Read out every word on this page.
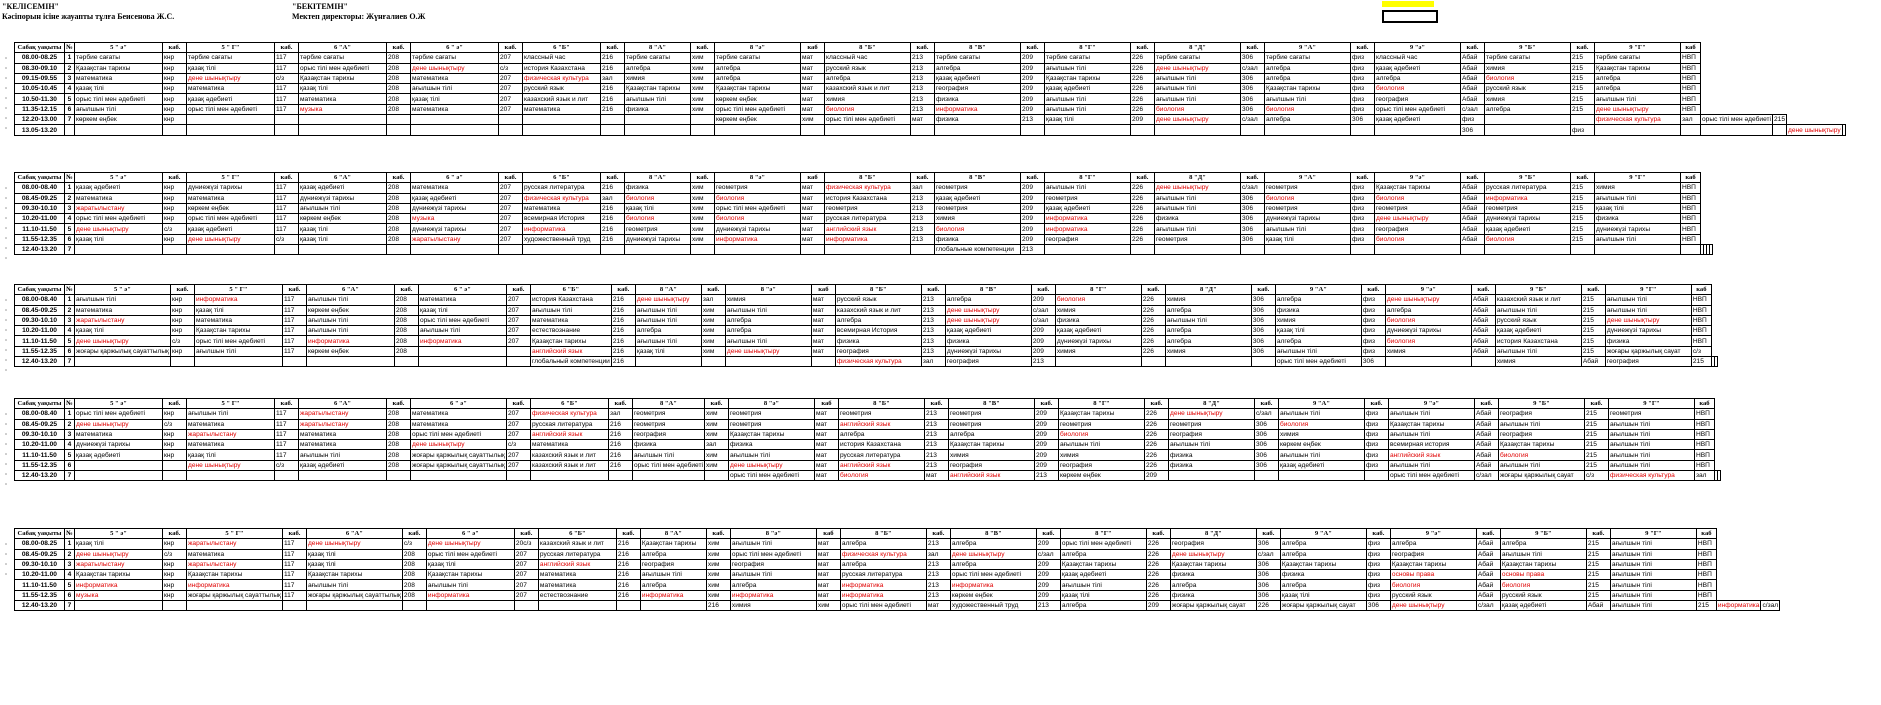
"КЕЛІСЕМІН"
Кәсіпорын ісіне жауапты тұлға Беисенова Ж.С.
"БЕКІТЕМІН"
Мектеп директоры: Жүнғалиев О.Ж
·
·
·
·
·
·
·
·
Сабақ уақыты	№	5 " ә"	каб.	5 " Г"	каб.	6 "А"	каб.	6 " ә"	каб.	6 "Б"	каб.	8 "А"	каб.	8 "ә"	каб	8 "Б"	каб.	8 "В"	каб.	8 "Г"	каб.	8 "Д"	каб.	9 "А"	каб.	9 "ә"	каб.	9 "Б"	каб.	9 "Г"	каб				
08.00-08.25	1	тәрбие сағаты	кнр	тәрбие сағаты	117	тәрбие сағаты	208	тәрбие сағаты	207	классный час	216	тәрбие сағаты	хим	тәрбие сағаты	мат	классный час	213	тәрбие сағаты	209	тәрбие сағаты	226	тәрбие сағаты	306	тәрбие сағаты	физ	классный час	Абай	тәрбие сағаты	215	тәрбие сағаты	НВП				
08.30-09.10	2	Қазақстан тарихы	кнр	қазақ тілі	117	орыс тілі мен әдебиеті	208	дене шынықтыру	с/з	история Казахстана	216	алгебра	хим	алгебра	мат	русский язык	213	алгебра	209	ағылшын тілі	226	дене шынықтыру	с/зал	алгебра	физ	қазақ әдебиеті	Абай	химия	215	Қазақстан тарихы	НВП				
09.15-09.55	3	математика	кнр	дене шынықтыру	с/з	Қазақстан тарихы	208	математика	207	физическая культура	зал	химия	хим	алгебра	мат	алгебра	213	қазақ әдебиеті	209	Қазақстан тарихы	226	ағылшын тілі	306	алгебра	физ	алгебра	Абай	биология	215	алгебра	НВП				
10.05-10.45	4	қазақ тілі	кнр	математика	117	қазақ тілі	208	ағылшын тілі	207	русский язык	216	Қазақстан тарихы	хим	Қазақстан тарихы	мат	казахский язык и лит	213	география	209	қазақ әдебиеті	226	ағылшын тілі	306	Қазақстан тарихы	физ	биология	Абай	русский язык	215	алгебра	НВП				
10.50-11.30	5	орыс тілі мен әдебиеті	кнр	қазақ әдебиеті	117	математика	208	қазақ тілі	207	казахский язык и лит	216	ағылшын тілі	хим	көркем еңбек	мат	химия	213	физика	209	ағылшын тілі	226	ағылшын тілі	306	ағылшын тілі	физ	география	Абай	химия	215	ағылшын тілі	НВП				
11.35-12.15	6	ағылшын тілі	кнр	орыс тілі мен әдебиеті	117	музыка	208	математика	207	математика	216	физика	хим	орыс тілі мен әдебиеті	мат	биология	213	информатика	209	ағылшын тілі	226	биология	306	биология	физ	орыс тілі мен әдебиеті	с/зал	алгебра	215	дене шынықтыру	НВП				
12.20-13.00	7	көркем еңбек	кнр											көркем еңбек	хим	орыс тілі мен әдебиеті	мат	физика	213	қазақ тілі	209	дене шынықтыру	с/зал	алгебра	306	қазақ әдебиеті	физ			физическая культура	зал	орыс тілі мен әдебиеті	215		
13.05-13.20																											306		физ					дене шынықтыру	
·
·
·
·
·
·
·
·
Сабақ уақыты	№	5 " ә"	каб.	5 " Г"	каб.	6 "А"	каб.	6 " ә"	каб.	6 "Б"	каб.	8 "А"	каб.	8 "ә"	каб	8 "Б"	каб.	8 "В"	каб.	8 "Г"	каб.	8 "Д"	каб.	9 "А"	каб.	9 "ә"	каб.	9 "Б"	каб.	9 "Г"	каб				
08.00-08.40	1	қазақ әдебиеті	кнр	дүниежүзі тарихы	117	қазақ әдебиеті	208	математика	207	русская литература	216	физика	хим	геометрия	мат	физическая культура	зал	геометрия	209	ағылшын тілі	226	дене шынықтыру	с/зал	геометрия	физ	Қазақстан тарихы	Абай	русская литература	215	химия	НВП				
08.45-09.25	2	математика	кнр	математика	117	дүниежүзі тарихы	208	қазақ әдебиеті	207	физическая культура	зал	биология	хим	биология	мат	история Казахстана	213	қазақ әдебиеті	209	геометрия	226	ағылшын тілі	306	биология	физ	биология	Абай	информатика	215	ағылшын тілі	НВП				
09.30-10.10	3	жаратылыстану	кнр	көркем еңбек	117	ағылшын тілі	208	дүниежүзі тарихы	207	математика	216	қазақ тілі	хим	орыс тілі мен әдебиеті	мат	геометрия	213	геометрия	209	қазақ әдебиеті	226	ағылшын тілі	306	геометрия	физ	геометрия	Абай	геометрия	215	қазақ тілі	НВП				
10.20-11.00	4	орыс тілі мен әдебиеті	кнр	орыс тілі мен әдебиеті	117	көркем еңбек	208	музыка	207	всемирная История	216	биология	хим	биология	мат	русская литература	213	химия	209	информатика	226	физика	306	дүниежүзі тарихы	физ	дене шынықтыру	Абай	дүниежүзі тарихы	215	физика	НВП				
11.10-11.50	5	дене шынықтыру	с/з	қазақ әдебиеті	117	қазақ тілі	208	дүниежүзі тарихы	207	информатика	216	геометрия	хим	дүниежүзі тарихы	мат	английский язык	213	биология	209	информатика	226	ағылшын тілі	306	ағылшын тілі	физ	география	Абай	қазақ әдебиеті	215	дүниежүзі тарихы	НВП				
11.55-12.35	6	қазақ тілі	кнр	дене шынықтыру	с/з	қазақ тілі	208	жаратылыстану	207	художественный труд	216	дүниежүзі тарихы	хим	информатика	мат	информатика	213	физика	209	география	226	геометрия	306	қазақ тілі	физ	биология	Абай	биология	215	ағылшын тілі	НВП				
12.40-13.20	7																	глобальные компетенции	213																
·
·
·
·
·
·
·
·
Сабақ уақыты	№	5 " ә"	каб.	5 " Г"	каб.	6 "А"	каб.	6 " ә"	каб.	6 "Б"	каб.	8 "А"	каб.	8 "ә"	каб	8 "Б"	каб.	8 "В"	каб.	8 "Г"	каб.	8 "Д"	каб.	9 "А"	каб.	9 "ә"	каб.	9 "Б"	каб.	9 "Г"	каб		
08.00-08.40	1	ағылшын тілі	кнр	информатика	117	ағылшын тілі	208	математика	207	история Казахстана	216	дене шынықтыру	зал	химия	мат	русский язык	213	алгебра	209	биология	226	химия	306	алгебра	физ	дене шынықтыру	Абай	казахский язык и лит	215	ағылшын тілі	НВП		
08.45-09.25	2	математика	кнр	қазақ тілі	117	көркем еңбек	208	қазақ тілі	207	ағылшын тілі	216	ағылшын тілі	хим	ағылшын тілі	мат	казахский язык и лит	213	дене шынықтыру	с/зал	химия	226	алгебра	306	физика	физ	алгебра	Абай	ағылшын тілі	215	ағылшын тілі	НВП		
09.30-10.10	3	жаратылыстану	кнр	математика	117	ағылшын тілі	208	орыс тілі мен әдебиеті	207	математика	216	ағылшын тілі	хим	алгебра	мат	алгебра	213	дене шынықтыру	с/зал	физика	226	ағылшын тілі	306	химия	физ	биология	Абай	русский язык	215	дене шынықтыру	НВП		
10.20-11.00	4	қазақ тілі	кнр	Қазақстан тарихы	117	ағылшын тілі	208	ағылшын тілі	207	естествознание	216	алгебра	хим	алгебра	мат	всемирная История	213	қазақ әдебиеті	209	қазақ әдебиеті	226	алгебра	306	қазақ тілі	физ	дүниежүзі тарихы	Абай	қазақ әдебиеті	215	дүниежүзі тарихы	НВП		
11.10-11.50	5	дене шынықтыру	с/з	орыс тілі мен әдебиеті	117	информатика	208	информатика	207	Қазақстан тарихы	216	ағылшын тілі	хим	ағылшын тілі	мат	физика	213	физика	209	дүниежүзі тарихы	226	алгебра	306	алгебра	физ	биология	Абай	история Казахстана	215	физика	НВП		
11.55-12.35	6	жоғары қаржылық сауаттылық	кнр	ағылшын тілі	117	көркем еңбек	208			английский язык	216	қазақ тілі	хим	дене шынықтыру	мат	география	213	дүниежүзі тарихы	209	химия	226	химия	306	ағылшын тілі	физ	химия	Абай	ағылшын тілі	215	жоғары қаржылық сауат	с/з		
12.40-13.20	7									глобальный компетенции	216					физическая культура	зал	география	213					орыс тілі мен әдебиеті	306			химия	Абай	география	215		
·
·
·
·
·
·
·
·
Сабақ уақыты	№	5 " ә"	каб.	5 " Г"	каб.	6 "А"	каб.	6 " ә"	каб.	6 "Б"	каб.	8 "А"	каб.	8 "ә"	каб	8 "Б"	каб.	8 "В"	каб.	8 "Г"	каб.	8 "Д"	каб.	9 "А"	каб.	9 "ә"	каб.	9 "Б"	каб.	9 "Г"	каб		
08.00-08.40	1	орыс тілі мен әдебиеті	кнр	ағылшын тілі	117	жаратылыстану	208	математика	207	физическая культура	зал	геометрия	хим	геометрия	мат	геометрия	213	геометрия	209	Қазақстан тарихы	226	дене шынықтыру	с/зал	ағылшын тілі	физ	ағылшын тілі	Абай	география	215	геометрия	НВП		
08.45-09.25	2	дене шынықтыру	с/з	математика	117	жаратылыстану	208	математика	207	русская литература	216	геометрия	хим	геометрия	мат	английский язык	213	геометрия	209	геометрия	226	геометрия	306	биология	физ	Қазақстан тарихы	Абай	ағылшын тілі	215	ағылшын тілі	НВП		
09.30-10.10	3	математика	кнр	жаратылыстану	117	математика	208	орыс тілі мен әдебиеті	207	английский язык	216	география	хим	Қазақстан тарихы	мат	алгебра	213	алгебра	209	биология	226	география	306	химия	физ	ағылшын тілі	Абай	география	215	ағылшын тілі	НВП		
10.20-11.00	4	дүниежүзі тарихы	кнр	математика	117	математика	208	дене шынықтыру	с/з	математика	216	физика	зал	физика	мат	история Казахстана	213	Қазақстан тарихы	209	ағылшын тілі	226	ағылшын тілі	306	көркем еңбек	физ	всемирная история	Абай	Қазақстан тарихы	215	ағылшын тілі	НВП		
11.10-11.50	5	қазақ әдебиеті	кнр	қазақ тілі	117	ағылшын тілі	208	жоғары қаржылық сауаттылық	207	казахский язык и лит	216	ағылшын тілі	хим	ағылшын тілі	мат	русская литература	213	химия	209	химия	226	физика	306	ағылшын тілі	физ	английский язык	Абай	биология	215	ағылшын тілі	НВП		
11.55-12.35	6			дене шынықтыру	с/з	қазақ әдебиеті	208	жоғары қаржылық сауаттылық	207	казахский язык и лит	216	орыс тілі мен әдебиеті	хим	дене шынықтыру	мат	английский язык	213	география	209	география	226	физика	306	қазақ әдебиеті	физ	ағылшын тілі	Абай	ағылшын тілі	215	ағылшын тілі	НВП		
12.40-13.20	7													орыс тілі мен әдебиеті	мат	биология	мат	английский язык	213	көркем еңбек	209					орыс тілі мен әдебиеті	с/зал	жоғары қаржылық сауат	с/з	физическая культура	зал		
·
·
·
·
Сабақ уақыты	№	5 " ә"	каб.	5 " Г"	каб.	6 "А"	каб.	6 " ә"	каб.	6 "Б"	каб.	8 "А"	каб.	8 "ә"	каб	8 "Б"	каб.	8 "В"	каб.	8 "Г"	каб.	8 "Д"	каб.	9 "А"	каб.	9 "ә"	каб.	9 "Б"	каб.	9 "Г"	каб		
08.00-08.25	1	қазақ тілі	кнр	жаратылыстану	117	дене шынықтыру	с/з	дене шынықтыру	20с/з	казахский язык и лит	216	Қазақстан тарихы	хим	ағылшын тілі	мат	алгебра	213	алгебра	209	орыс тілі мен әдебиеті	226	география	306	алгебра	физ	алгебра	Абай	алгебра	215	ағылшын тілі	НВП		
08.45-09.25	2	дене шынықтыру	с/з	математика	117	қазақ тілі	208	орыс тілі мен әдебиеті	207	русская литература	216	алгебра	хим	орыс тілі мен әдебиеті	мат	физическая культура	зал	дене шынықтыру	с/зал	алгебра	226	дене шынықтыру	с/зал	алгебра	физ	география	Абай	ағылшын тілі	215	ағылшын тілі	НВП		
09.30-10.10	3	жаратылыстану	кнр	жаратылыстану	117	қазақ тілі	208	қазақ тілі	207	английский язык	216	география	хим	география	мат	алгебра	213	алгебра	209	Қазақстан тарихы	226	Қазақстан тарихы	306	Қазақстан тарихы	физ	Қазақстан тарихы	Абай	Қазақстан тарихы	215	ағылшын тілі	НВП		
10.20-11.00	4	Қазақстан тарихы	кнр	Қазақстан тарихы	117	Қазақстан тарихы	208	Қазақстан тарихы	207	математика	216	ағылшын тілі	хим	ағылшын тілі	мат	русская литература	213	орыс тілі мен әдебиеті	209	қазақ әдебиеті	226	физика	306	физика	физ	основы права	Абай	основы права	215	ағылшын тілі	НВП		
11.10-11.50	5	информатика	кнр	информатика	117	ағылшын тілі	208	ағылшын тілі	207	математика	216	алгебра	хим	алгебра	мат	информатика	213	информатика	209	ағылшын тілі	226	алгебра	306	алгебра	физ	биология	Абай	биология	215	ағылшын тілі	НВП		
11.55-12.35	6	музыка	кнр	жоғары қаржылық сауаттылық	117	жоғары қаржылық сауаттылық	208	информатика	207	естествознание	216	информатика	хим	информатика	мат	информатика	213	көркем еңбек	209	қазақ тілі	226	физика	306	қазақ тілі	физ	русский язык	Абай	русский язык	215	ағылшын тілі	НВП		
12.40-13.20	7												216	химия	хим	орыс тілі мен әдебиеті	мат	художественный труд	213	алгебра	209	жоғары қаржылық сауат	226	жоғары қаржылық сауат	306	дене шынықтыру	с/зал	қазақ әдебиеті	Абай	ағылшын тілі	215	информатика	с/зал
